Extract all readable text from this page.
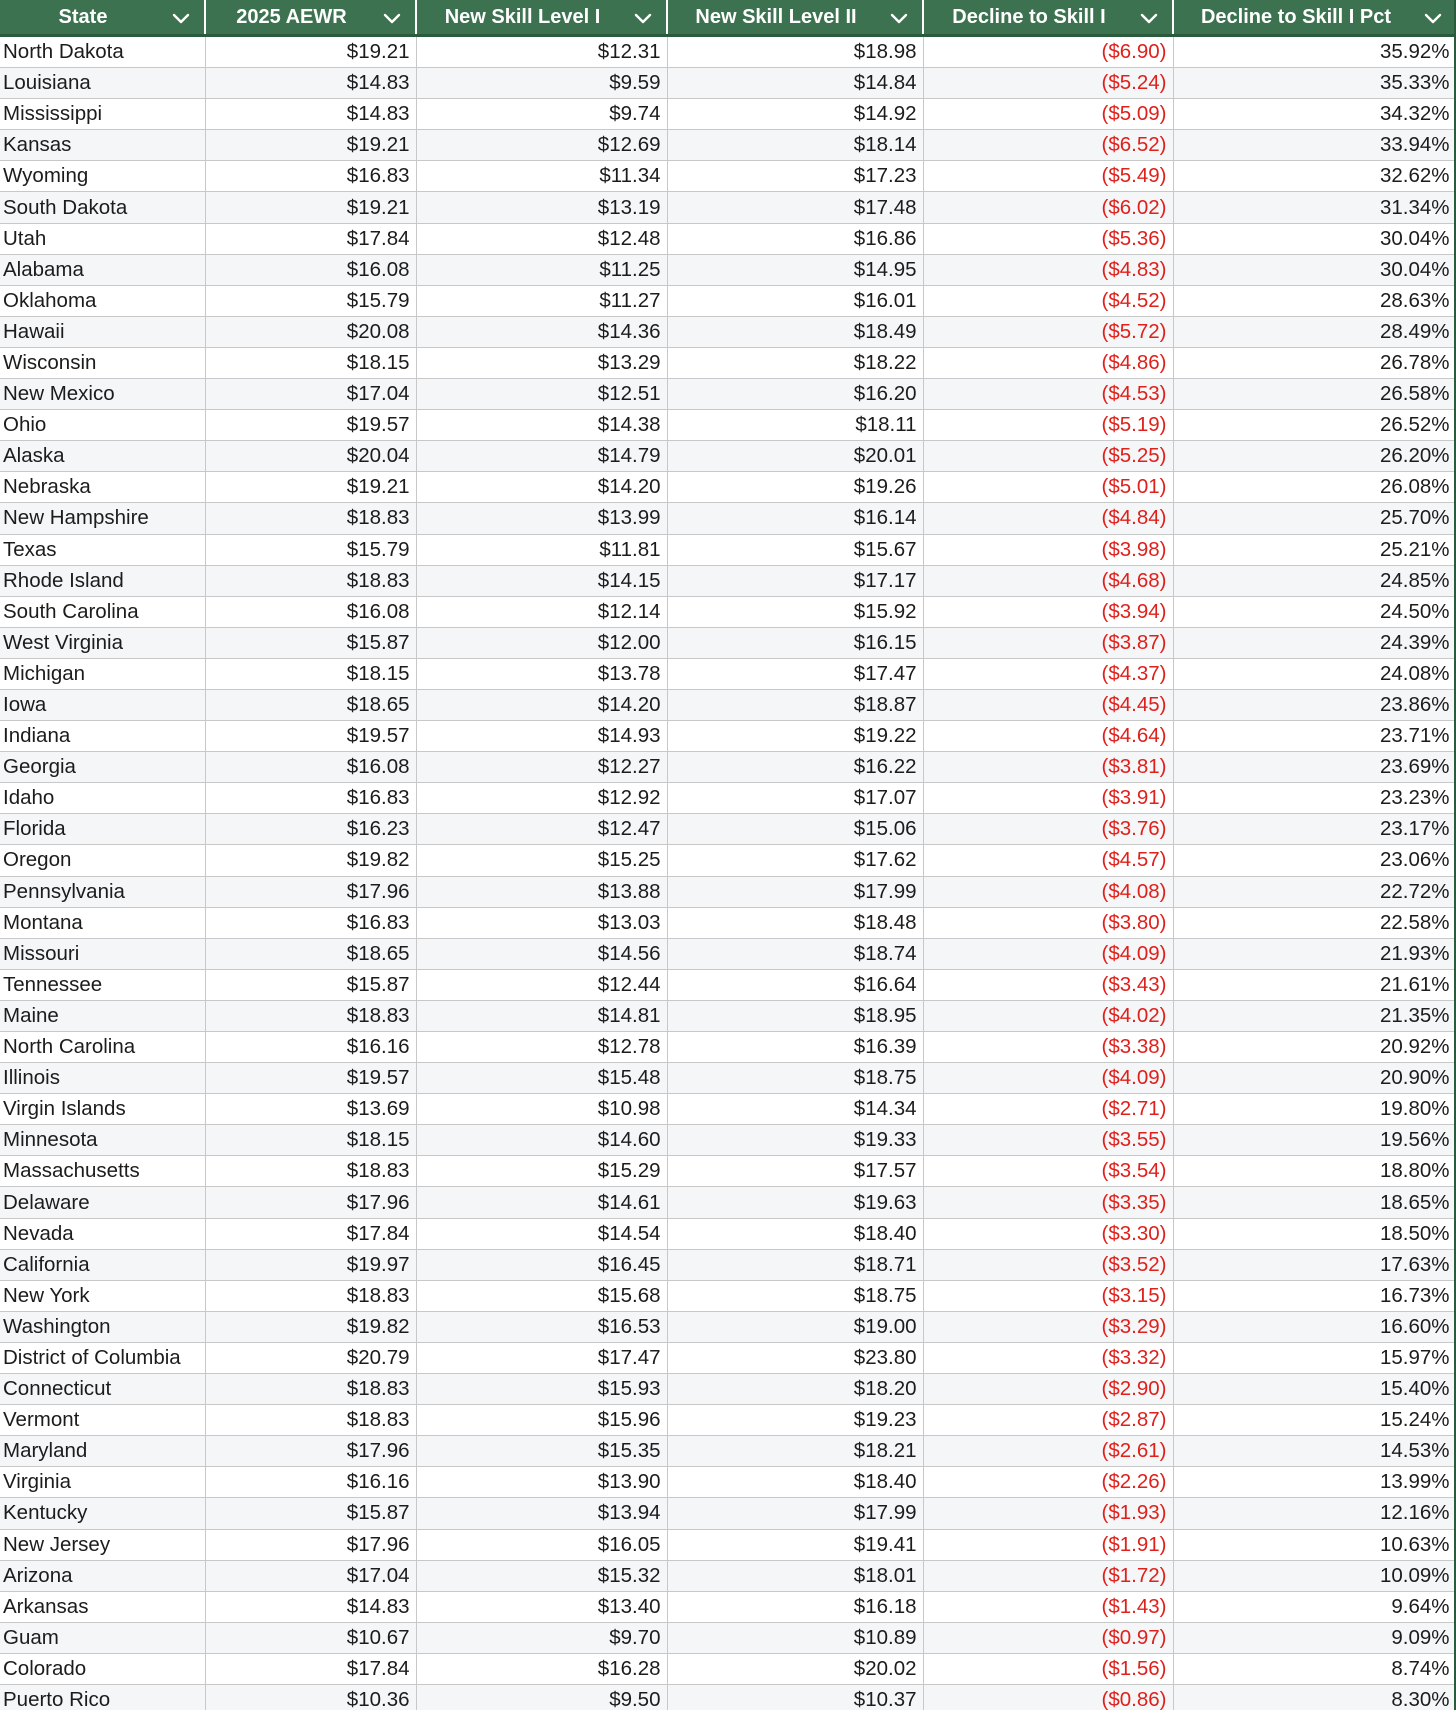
State	2025 AEWR	New Skill Level I	New Skill Level II	Decline to Skill I	Decline to Skill I Pct

North Dakota	$19.21	$12.31	$18.98	($6.90)	35.92%
Louisiana	$14.83	$9.59	$14.84	($5.24)	35.33%
Mississippi	$14.83	$9.74	$14.92	($5.09)	34.32%
Kansas	$19.21	$12.69	$18.14	($6.52)	33.94%
Wyoming	$16.83	$11.34	$17.23	($5.49)	32.62%
South Dakota	$19.21	$13.19	$17.48	($6.02)	31.34%
Utah	$17.84	$12.48	$16.86	($5.36)	30.04%
Alabama	$16.08	$11.25	$14.95	($4.83)	30.04%
Oklahoma	$15.79	$11.27	$16.01	($4.52)	28.63%
Hawaii	$20.08	$14.36	$18.49	($5.72)	28.49%
Wisconsin	$18.15	$13.29	$18.22	($4.86)	26.78%
New Mexico	$17.04	$12.51	$16.20	($4.53)	26.58%
Ohio	$19.57	$14.38	$18.11	($5.19)	26.52%
Alaska	$20.04	$14.79	$20.01	($5.25)	26.20%
Nebraska	$19.21	$14.20	$19.26	($5.01)	26.08%
New Hampshire	$18.83	$13.99	$16.14	($4.84)	25.70%
Texas	$15.79	$11.81	$15.67	($3.98)	25.21%
Rhode Island	$18.83	$14.15	$17.17	($4.68)	24.85%
South Carolina	$16.08	$12.14	$15.92	($3.94)	24.50%
West Virginia	$15.87	$12.00	$16.15	($3.87)	24.39%
Michigan	$18.15	$13.78	$17.47	($4.37)	24.08%
Iowa	$18.65	$14.20	$18.87	($4.45)	23.86%
Indiana	$19.57	$14.93	$19.22	($4.64)	23.71%
Georgia	$16.08	$12.27	$16.22	($3.81)	23.69%
Idaho	$16.83	$12.92	$17.07	($3.91)	23.23%
Florida	$16.23	$12.47	$15.06	($3.76)	23.17%
Oregon	$19.82	$15.25	$17.62	($4.57)	23.06%
Pennsylvania	$17.96	$13.88	$17.99	($4.08)	22.72%
Montana	$16.83	$13.03	$18.48	($3.80)	22.58%
Missouri	$18.65	$14.56	$18.74	($4.09)	21.93%
Tennessee	$15.87	$12.44	$16.64	($3.43)	21.61%
Maine	$18.83	$14.81	$18.95	($4.02)	21.35%
North Carolina	$16.16	$12.78	$16.39	($3.38)	20.92%
Illinois	$19.57	$15.48	$18.75	($4.09)	20.90%
Virgin Islands	$13.69	$10.98	$14.34	($2.71)	19.80%
Minnesota	$18.15	$14.60	$19.33	($3.55)	19.56%
Massachusetts	$18.83	$15.29	$17.57	($3.54)	18.80%
Delaware	$17.96	$14.61	$19.63	($3.35)	18.65%
Nevada	$17.84	$14.54	$18.40	($3.30)	18.50%
California	$19.97	$16.45	$18.71	($3.52)	17.63%
New York	$18.83	$15.68	$18.75	($3.15)	16.73%
Washington	$19.82	$16.53	$19.00	($3.29)	16.60%
District of Columbia	$20.79	$17.47	$23.80	($3.32)	15.97%
Connecticut	$18.83	$15.93	$18.20	($2.90)	15.40%
Vermont	$18.83	$15.96	$19.23	($2.87)	15.24%
Maryland	$17.96	$15.35	$18.21	($2.61)	14.53%
Virginia	$16.16	$13.90	$18.40	($2.26)	13.99%
Kentucky	$15.87	$13.94	$17.99	($1.93)	12.16%
New Jersey	$17.96	$16.05	$19.41	($1.91)	10.63%
Arizona	$17.04	$15.32	$18.01	($1.72)	10.09%
Arkansas	$14.83	$13.40	$16.18	($1.43)	9.64%
Guam	$10.67	$9.70	$10.89	($0.97)	9.09%
Colorado	$17.84	$16.28	$20.02	($1.56)	8.74%
Puerto Rico	$10.36	$9.50	$10.37	($0.86)	8.30%
